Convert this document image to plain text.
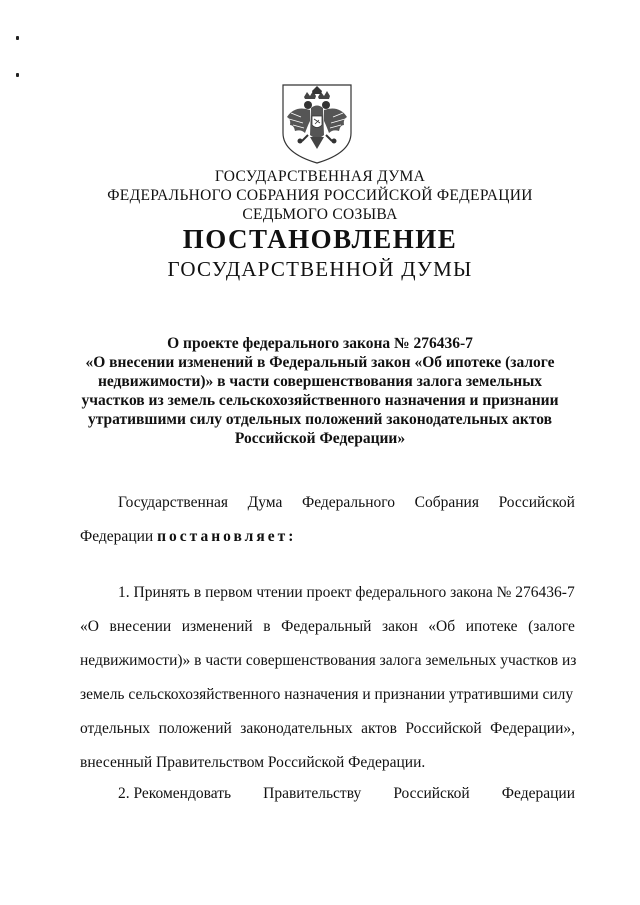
ГОСУДАРСТВЕННАЯ ДУМА
ФЕДЕРАЛЬНОГО СОБРАНИЯ РОССИЙСКОЙ ФЕДЕРАЦИИ
СЕДЬМОГО СОЗЫВА
ПОСТАНОВЛЕНИЕ
ГОСУДАРСТВЕННОЙ ДУМЫ
О проекте федерального закона № 276436-7
«О внесении изменений в Федеральный закон «Об ипотеке (залоге
недвижимости)» в части совершенствования залога земельных
участков из земель сельскохозяйственного назначения и признании
утратившими силу отдельных положений законодательных актов
Российской Федерации»
Государственная Дума Федерального Собрания Российской
Федерации постановляет:
1. Принять в первом чтении проект федерального закона № 276436-7
«О внесении изменений в Федеральный закон «Об ипотеке (залоге
недвижимости)» в части совершенствования залога земельных участков из
земель сельскохозяйственного назначения и признании утратившими силу
отдельных положений законодательных актов Российской Федерации»,
внесенный Правительством Российской Федерации.
2. Рекомендовать Правительству Российской Федерации
